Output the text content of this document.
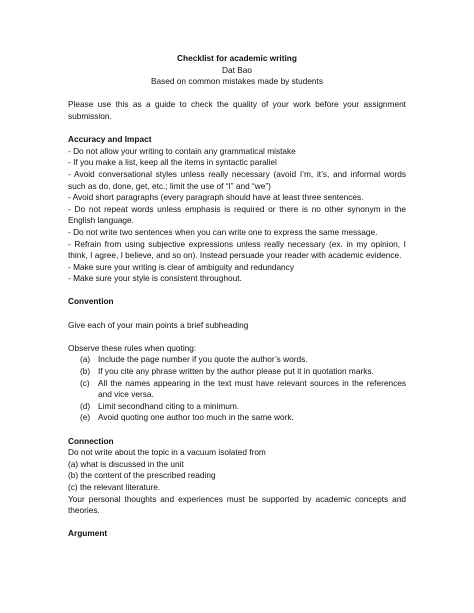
Checklist for academic writing

Dat Bao

Based on common mistakes made by students

Please use this as a guide to check the quality of your work before your assignment submission.

Accuracy and Impact

- Do not allow your writing to contain any grammatical mistake

- If you make a list, keep all the items in syntactic parallel

- Avoid conversational styles unless really necessary (avoid I’m, it’s, and informal words such as do, done, get, etc.; limit the use of “I” and “we”)

- Avoid short paragraphs (every paragraph should have at least three sentences.

- Do not repeat words unless emphasis is required or there is no other synonym in the English language.

- Do not write two sentences when you can write one to express the same message.

- Refrain from using subjective expressions unless really necessary (ex. in my opinion, I think, I agree, I believe, and so on). Instead persuade your reader with academic evidence.

- Make sure your writing is clear of ambiguity and redundancy

- Make sure your style is consistent throughout.

Convention

Give each of your main points a brief subheading

Observe these rules when quoting:

(a) Include the page number if you quote the author’s words.
(b) If you cite any phrase written by the author please put it in quotation marks.
(c)	All the names appearing in the text must have relevant sources in the references and vice versa.
(d) Limit secondhand citing to a minimum.
(e) Avoid quoting one author too much in the same work.

Connection

Do not write about the topic in a vacuum isolated from

(a) what is discussed in the unit

(b) the content of the prescribed reading

(c) the relevant literature.

Your personal thoughts and experiences must be supported by academic concepts and theories.

Argument
